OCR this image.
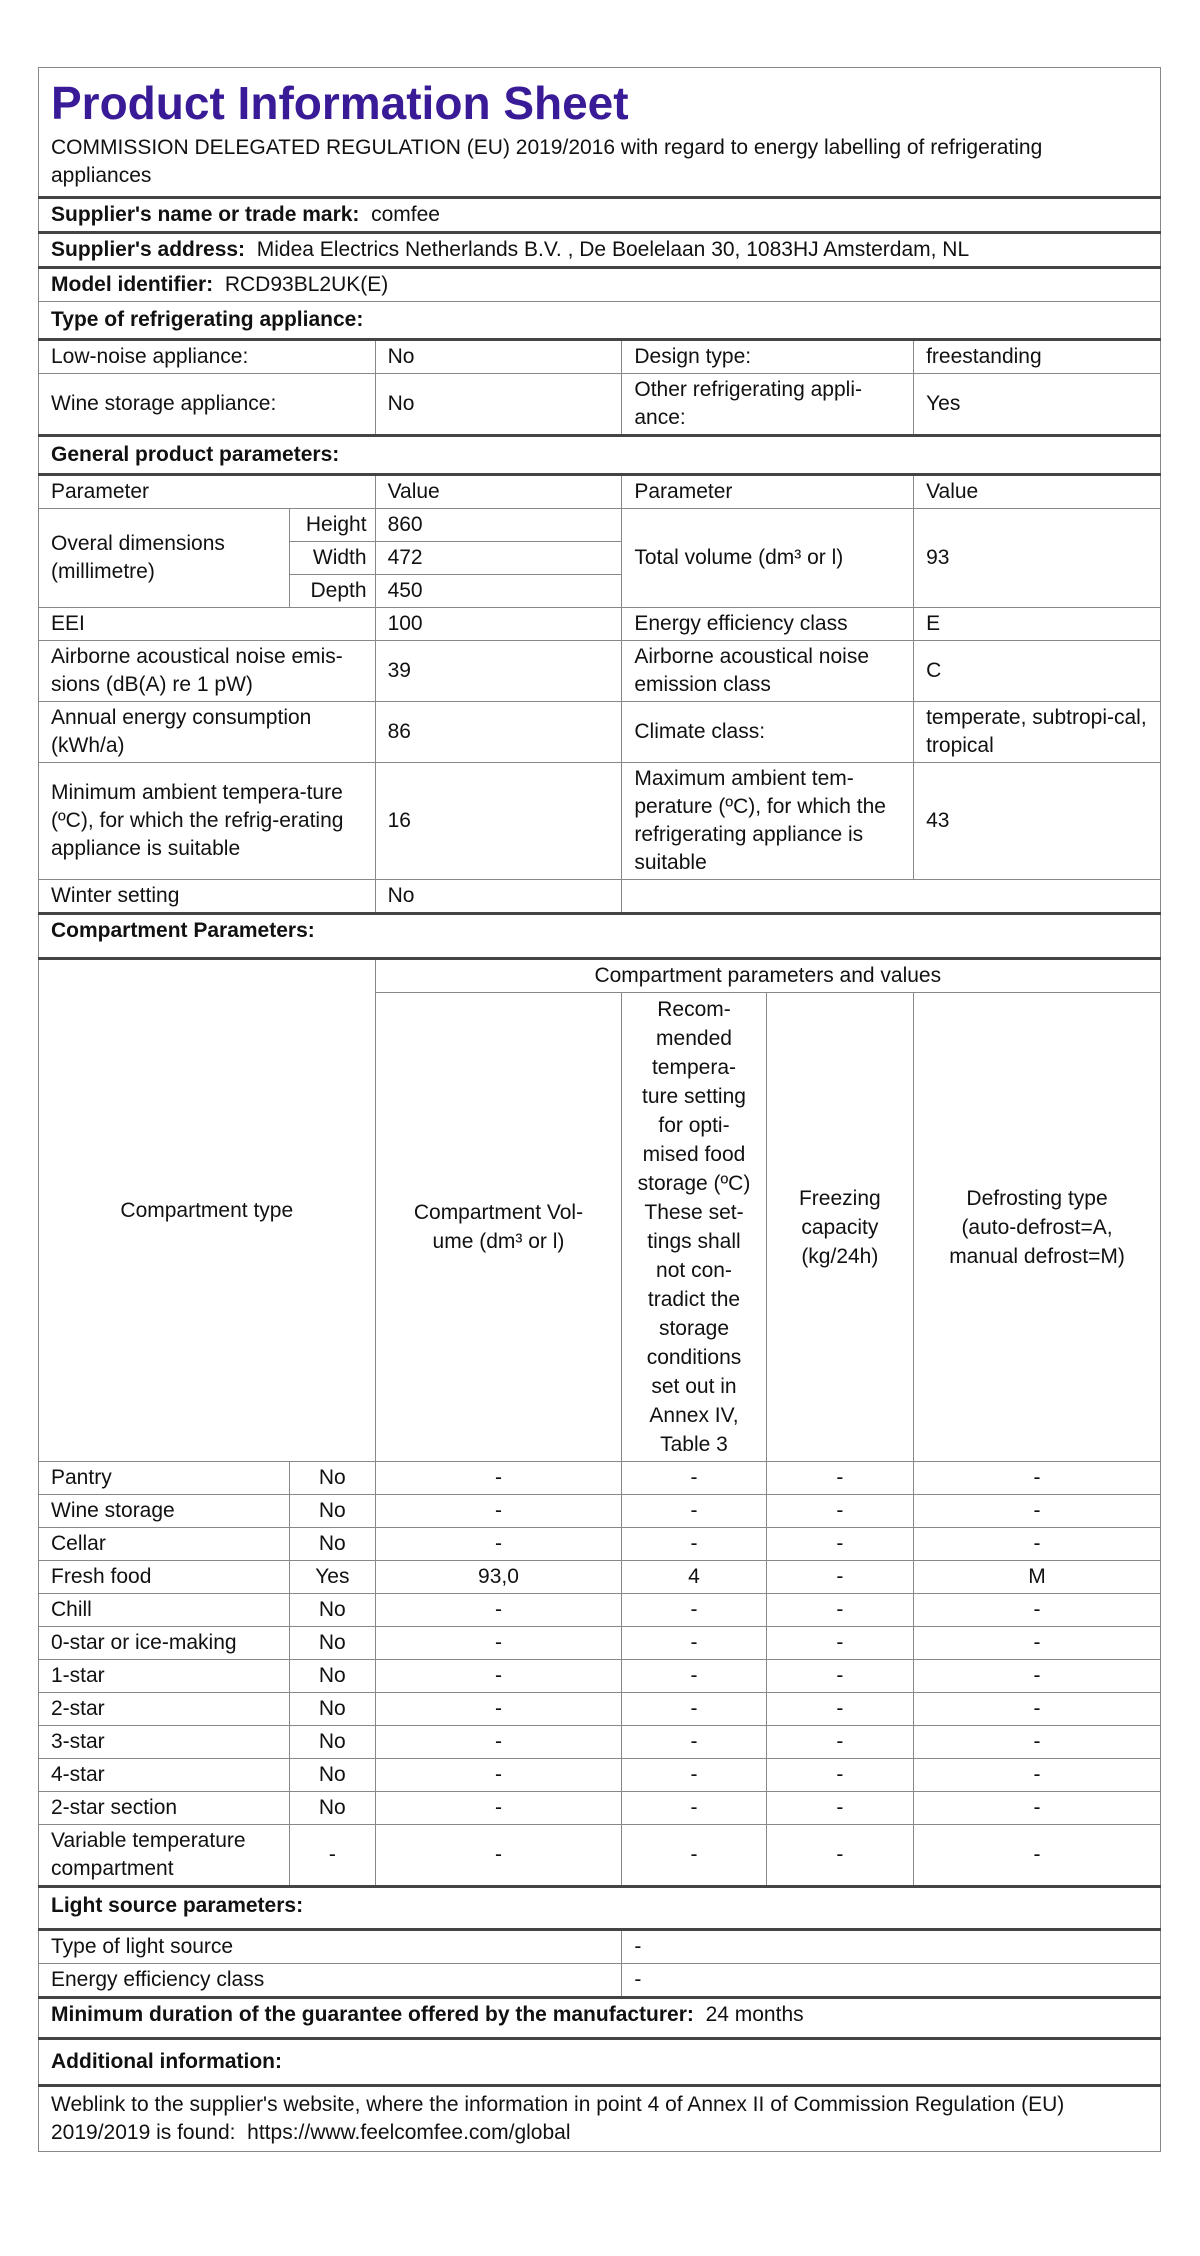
Product Information Sheet					
COMMISSION DELEGATED REGULATION (EU) 2019/2016 with regard to energy labelling of refrigerating appliances					
Supplier's name or trade mark: comfee					
Supplier's address: Midea Electrics Netherlands B.V. , De Boelelaan 30, 1083HJ Amsterdam, NL					
Model identifier: RCD93BL2UK(E)					
Type of refrigerating appliance:					
Low-noise appliance:		No	Design type:		freestanding
Wine storage appliance:		No	Other refrigerating appli-ance:		Yes
General product parameters:					
Parameter		Value	Parameter		Value
Overal dimensions (millimetre)	Height	860	Total volume (dm³ or l)		93
	Width	472			
	Depth	450			
EEI		100	Energy efficiency class		E
Airborne acoustical noise emis-sions (dB(A) re 1 pW)		39	Airborne acoustical noise emission class		C
Annual energy consumption (kWh/a)		86	Climate class:		temperate, subtropi-cal, tropical
Minimum ambient tempera-ture (ºC), for which the refrig-erating appliance is suitable		16	Maximum ambient tem-perature (ºC), for which the refrigerating appliance is suitable		43
Winter setting		No			
Compartment Parameters:					
Compartment type		Compartment parameters and values			
		Compartment Vol-ume (dm³ or l)	Recom-mended tempera-ture setting for opti-mised food storage (ºC) These set-tings shall not con-tradict the storage conditions set out in Annex IV, Table 3	Freezing capacity (kg/24h)	Defrosting type (auto-defrost=A, manual defrost=M)
Pantry	No	-	-	-	-
Wine storage	No	-	-	-	-
Cellar	No	-	-	-	-
Fresh food	Yes	93,0	4	-	M
Chill	No	-	-	-	-
0-star or ice-making	No	-	-	-	-
1-star	No	-	-	-	-
2-star	No	-	-	-	-
3-star	No	-	-	-	-
4-star	No	-	-	-	-
2-star section	No	-	-	-	-
Variable temperature compartment	-	-	-	-	-
Light source parameters:					
Type of light source			-		
Energy efficiency class			-		
Minimum duration of the guarantee offered by the manufacturer: 24 months					
Additional information:					
Weblink to the supplier's website, where the information in point 4 of Annex II of Commission Regulation (EU) 2019/2019 is found: https://www.feelcomfee.com/global					
